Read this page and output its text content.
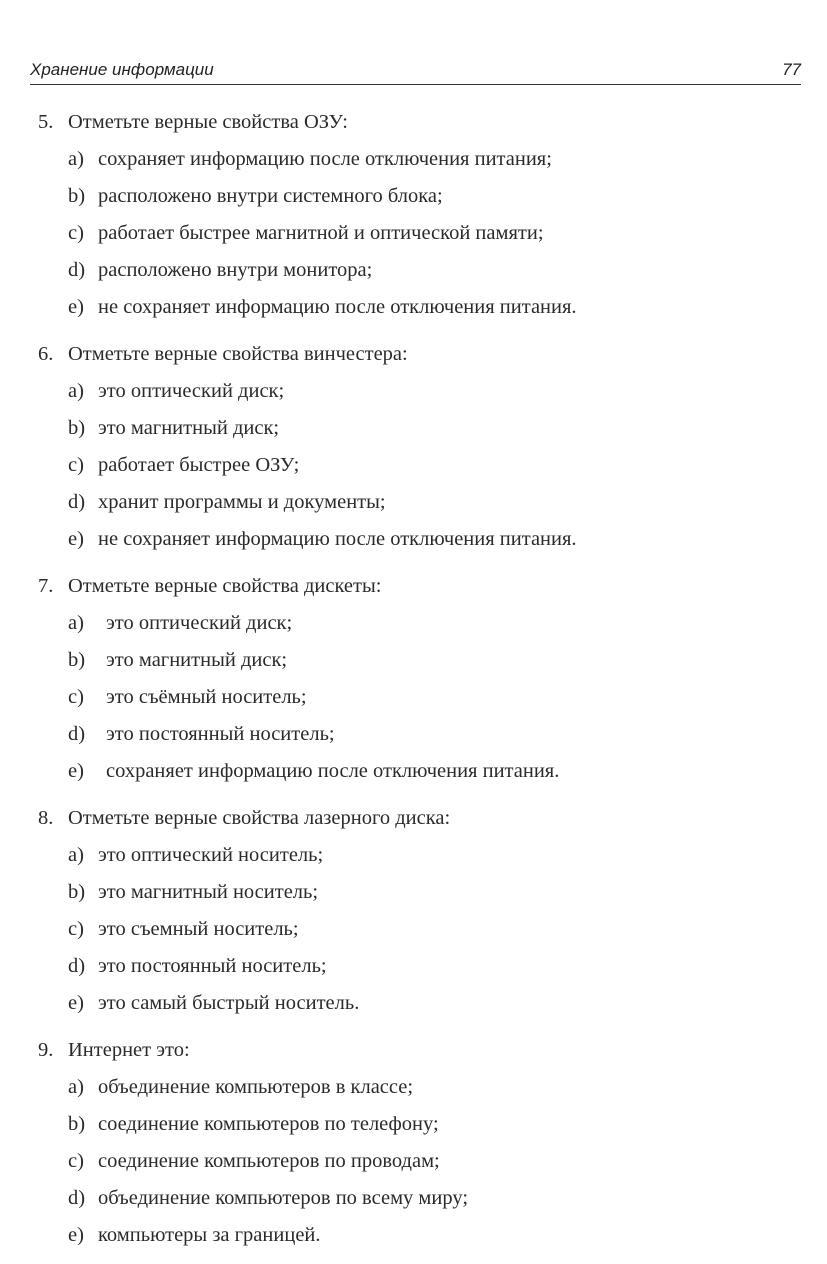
Хранение информации	77
5. Отметьте верные свойства ОЗУ:
a) сохраняет информацию после отключения питания;
b) расположено внутри системного блока;
c) работает быстрее магнитной и оптической памяти;
d) расположено внутри монитора;
e) не сохраняет информацию после отключения питания.
6. Отметьте верные свойства винчестера:
a) это оптический диск;
b) это магнитный диск;
c) работает быстрее ОЗУ;
d) хранит программы и документы;
e) не сохраняет информацию после отключения питания.
7. Отметьте верные свойства дискеты:
a) это оптический диск;
b) это магнитный диск;
c) это съёмный носитель;
d) это постоянный носитель;
e) сохраняет информацию после отключения питания.
8. Отметьте верные свойства лазерного диска:
a) это оптический носитель;
b) это магнитный носитель;
c) это съемный носитель;
d) это постоянный носитель;
e) это самый быстрый носитель.
9. Интернет это:
a) объединение компьютеров в классе;
b) соединение компьютеров по телефону;
c) соединение компьютеров по проводам;
d) объединение компьютеров по всему миру;
e) компьютеры за границей.
